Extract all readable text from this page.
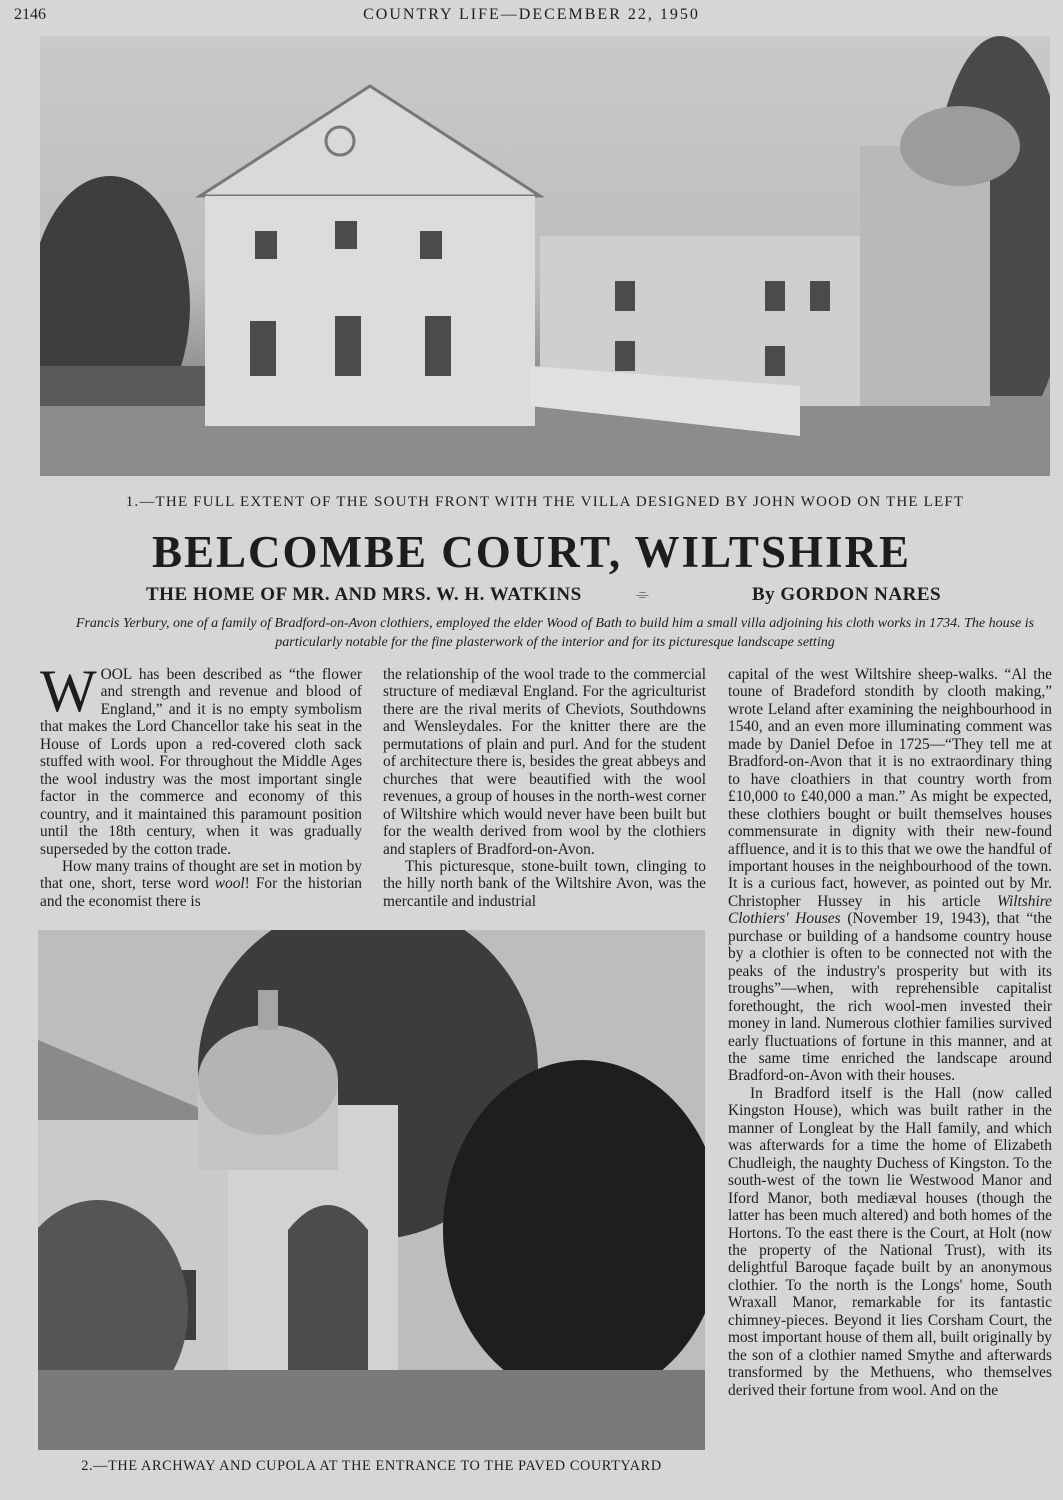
2146	COUNTRY LIFE—DECEMBER 22, 1950
1.—THE FULL EXTENT OF THE SOUTH FRONT WITH THE VILLA DESIGNED BY JOHN WOOD ON THE LEFT
BELCOMBE COURT, WILTSHIRE
THE HOME OF MR. AND MRS. W. H. WATKINS	⌯	By GORDON NARES
Francis Yerbury, one of a family of Bradford-on-Avon clothiers, employed the elder Wood of Bath to build him a small villa adjoining his cloth works in 1734. The house is particularly notable for the fine plasterwork of the interior and for its picturesque landscape setting

WOOL has been described as “the flower and strength and revenue and blood of England,” and it is no empty symbolism that makes the Lord Chancellor take his seat in the House of Lords upon a red-covered cloth sack stuffed with wool. For throughout the Middle Ages the wool industry was the most important single factor in the commerce and economy of this country, and it maintained this paramount position until the 18th century, when it was gradually superseded by the cotton trade.

How many trains of thought are set in motion by that one, short, terse word wool! For the historian and the economist there is

the relationship of the wool trade to the commercial structure of mediæval England. For the agriculturist there are the rival merits of Cheviots, Southdowns and Wensleydales. For the knitter there are the permutations of plain and purl. And for the student of architecture there is, besides the great abbeys and churches that were beautified with the wool revenues, a group of houses in the north-west corner of Wiltshire which would never have been built but for the wealth derived from wool by the clothiers and staplers of Bradford-on-Avon.

This picturesque, stone-built town, clinging to the hilly north bank of the Wiltshire Avon, was the mercantile and industrial

capital of the west Wiltshire sheep-walks. “Al the toune of Bradeford stondith by clooth making,” wrote Leland after examining the neighbourhood in 1540, and an even more illuminating comment was made by Daniel Defoe in 1725—“They tell me at Bradford-on-Avon that it is no extraordinary thing to have cloathiers in that country worth from £10,000 to £40,000 a man.” As might be expected, these clothiers bought or built themselves houses commensurate in dignity with their new-found affluence, and it is to this that we owe the handful of important houses in the neighbourhood of the town. It is a curious fact, however, as pointed out by Mr. Christopher Hussey in his article Wiltshire Clothiers' Houses (November 19, 1943), that “the purchase or building of a handsome country house by a clothier is often to be connected not with the peaks of the industry's prosperity but with its troughs”—when, with reprehensible capitalist forethought, the rich wool-men invested their money in land. Numerous clothier families survived early fluctuations of fortune in this manner, and at the same time enriched the landscape around Bradford-on-Avon with their houses.

In Bradford itself is the Hall (now called Kingston House), which was built rather in the manner of Longleat by the Hall family, and which was afterwards for a time the home of Elizabeth Chudleigh, the naughty Duchess of Kingston. To the south-west of the town lie Westwood Manor and Iford Manor, both mediæval houses (though the latter has been much altered) and both homes of the Hortons. To the east there is the Court, at Holt (now the property of the National Trust), with its delightful Baroque façade built by an anonymous clothier. To the north is the Longs' home, South Wraxall Manor, remarkable for its fantastic chimney-pieces. Beyond it lies Corsham Court, the most important house of them all, built originally by the son of a clothier named Smythe and afterwards transformed by the Methuens, who themselves derived their fortune from wool. And on the

2.—THE ARCHWAY AND CUPOLA AT THE ENTRANCE TO THE PAVED COURTYARD
